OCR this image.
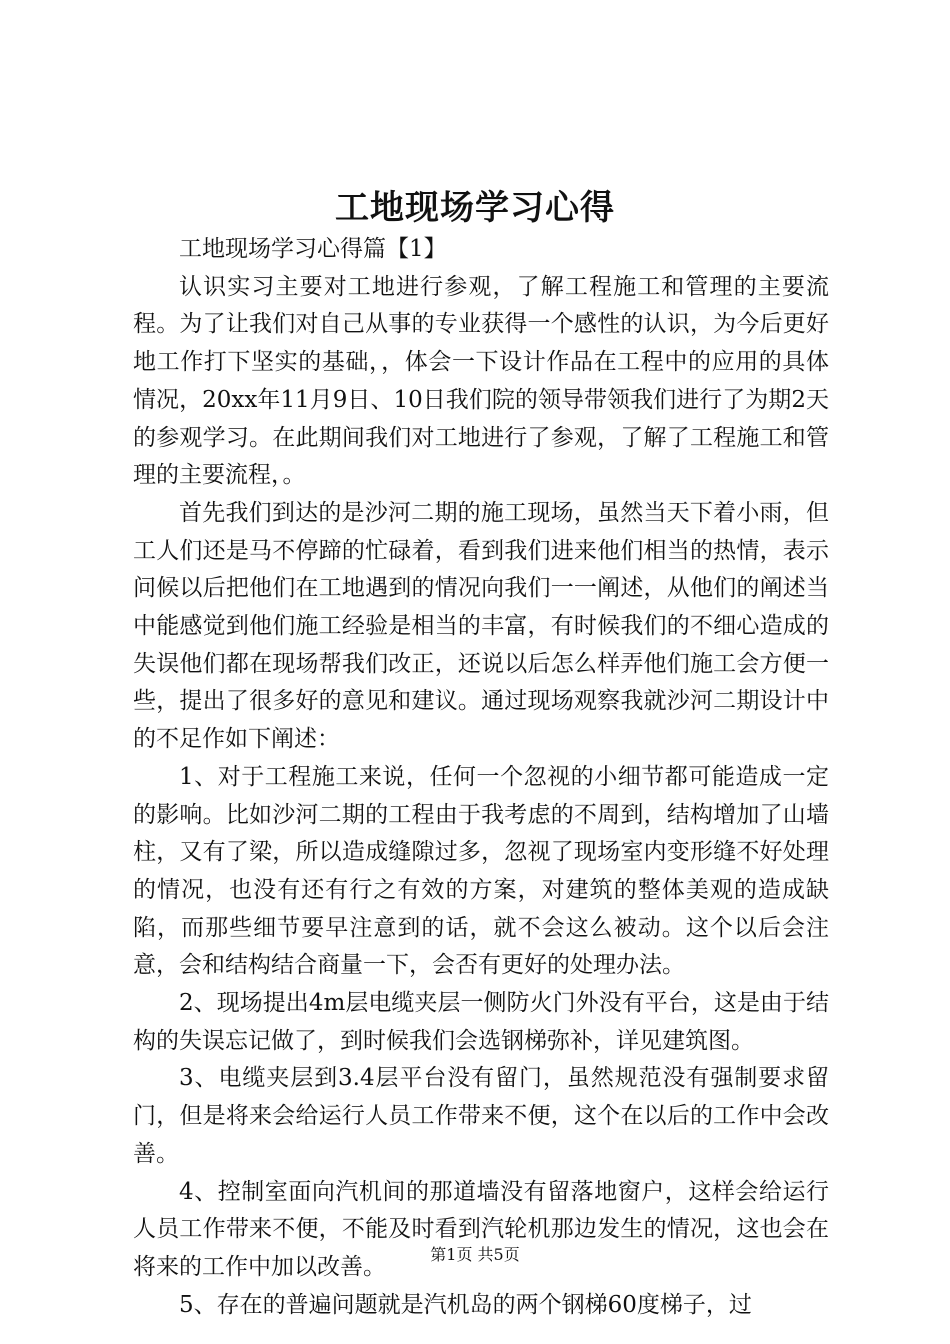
工地现场学习心得

工地现场学习心得篇【1】

认识实习主要对工地进行参观，了解工程施工和管理的主要流程。为了让我们对自己从事的专业获得一个感性的认识，为今后更好地工作打下坚实的基础，，体会一下设计作品在工程中的应用的具体情况，20xx年11月9日、10日我们院的领导带领我们进行了为期2天的参观学习。在此期间我们对工地进行了参观，了解了工程施工和管理的主要流程，。

首先我们到达的是沙河二期的施工现场，虽然当天下着小雨，但工人们还是马不停蹄的忙碌着，看到我们进来他们相当的热情，表示问候以后把他们在工地遇到的情况向我们一一阐述，从他们的阐述当中能感觉到他们施工经验是相当的丰富，有时候我们的不细心造成的失误他们都在现场帮我们改正，还说以后怎么样弄他们施工会方便一些，提出了很多好的意见和建议。通过现场观察我就沙河二期设计中的不足作如下阐述：

1、对于工程施工来说，任何一个忽视的小细节都可能造成一定的影响。比如沙河二期的工程由于我考虑的不周到，结构增加了山墙柱，又有了梁，所以造成缝隙过多，忽视了现场室内变形缝不好处理的情况，也没有还有行之有效的方案，对建筑的整体美观的造成缺陷，而那些细节要早注意到的话，就不会这么被动。这个以后会注意，会和结构结合商量一下，会否有更好的处理办法。

2、现场提出4m层电缆夹层一侧防火门外没有平台，这是由于结构的失误忘记做了，到时候我们会选钢梯弥补，详见建筑图。

3、电缆夹层到3.4层平台没有留门，虽然规范没有强制要求留门，但是将来会给运行人员工作带来不便，这个在以后的工作中会改善。

4、控制室面向汽机间的那道墙没有留落地窗户，这样会给运行人员工作带来不便，不能及时看到汽轮机那边发生的情况，这也会在将来的工作中加以改善。

5、存在的普遍问题就是汽机岛的两个钢梯60度梯子，过

第1页 共5页
